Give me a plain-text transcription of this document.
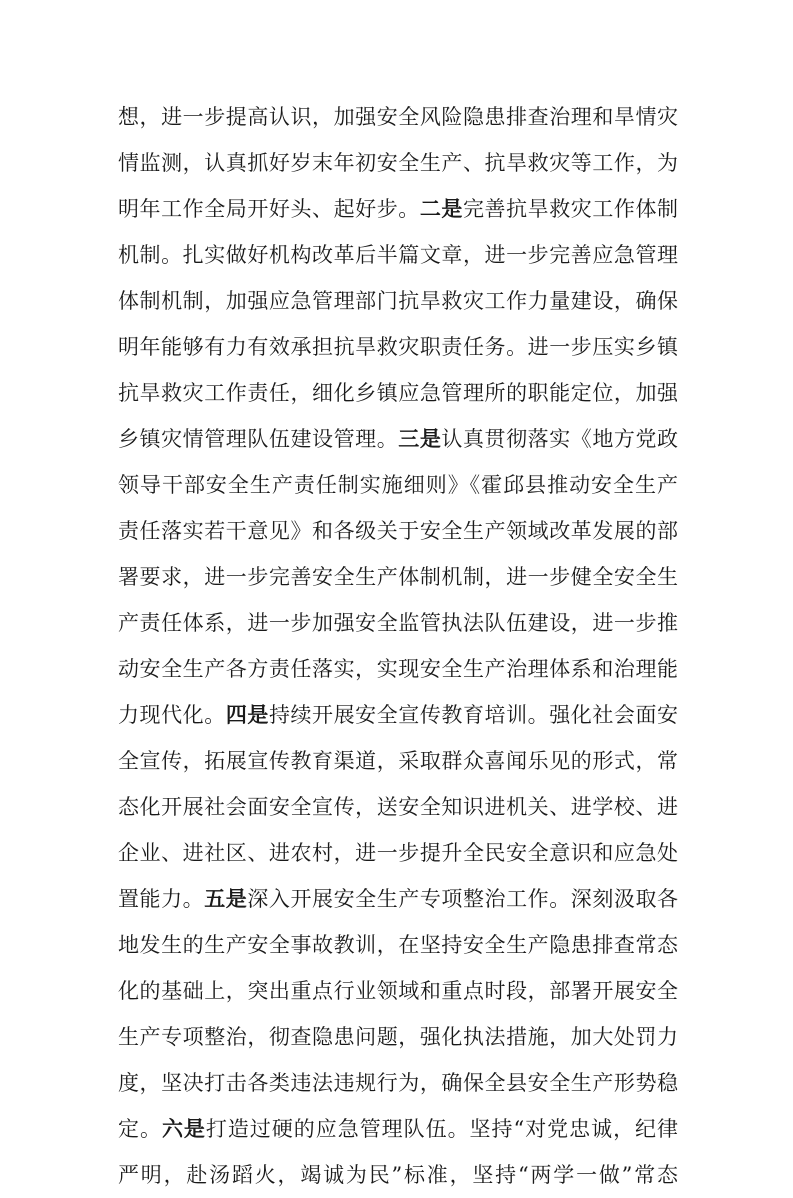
想，进一步提高认识，加强安全风险隐患排查治理和旱情灾
情监测，认真抓好岁末年初安全生产、抗旱救灾等工作，为
明年工作全局开好头、起好步。二是完善抗旱救灾工作体制
机制。扎实做好机构改革后半篇文章，进一步完善应急管理
体制机制，加强应急管理部门抗旱救灾工作力量建设，确保
明年能够有力有效承担抗旱救灾职责任务。进一步压实乡镇
抗旱救灾工作责任，细化乡镇应急管理所的职能定位，加强
乡镇灾情管理队伍建设管理。三是认真贯彻落实《地方党政
领导干部安全生产责任制实施细则》《霍邱县推动安全生产
责任落实若干意见》和各级关于安全生产领域改革发展的部
署要求，进一步完善安全生产体制机制，进一步健全安全生
产责任体系，进一步加强安全监管执法队伍建设，进一步推
动安全生产各方责任落实，实现安全生产治理体系和治理能
力现代化。四是持续开展安全宣传教育培训。强化社会面安
全宣传，拓展宣传教育渠道，采取群众喜闻乐见的形式，常
态化开展社会面安全宣传，送安全知识进机关、进学校、进
企业、进社区、进农村，进一步提升全民安全意识和应急处
置能力。五是深入开展安全生产专项整治工作。深刻汲取各
地发生的生产安全事故教训，在坚持安全生产隐患排查常态
化的基础上，突出重点行业领域和重点时段，部署开展安全
生产专项整治，彻查隐患问题，强化执法措施，加大处罚力
度，坚决打击各类违法违规行为，确保全县安全生产形势稳
定。六是打造过硬的应急管理队伍。坚持“对党忠诚，纪律
严明，赴汤蹈火，竭诚为民”标准，坚持“两学一做”常态
